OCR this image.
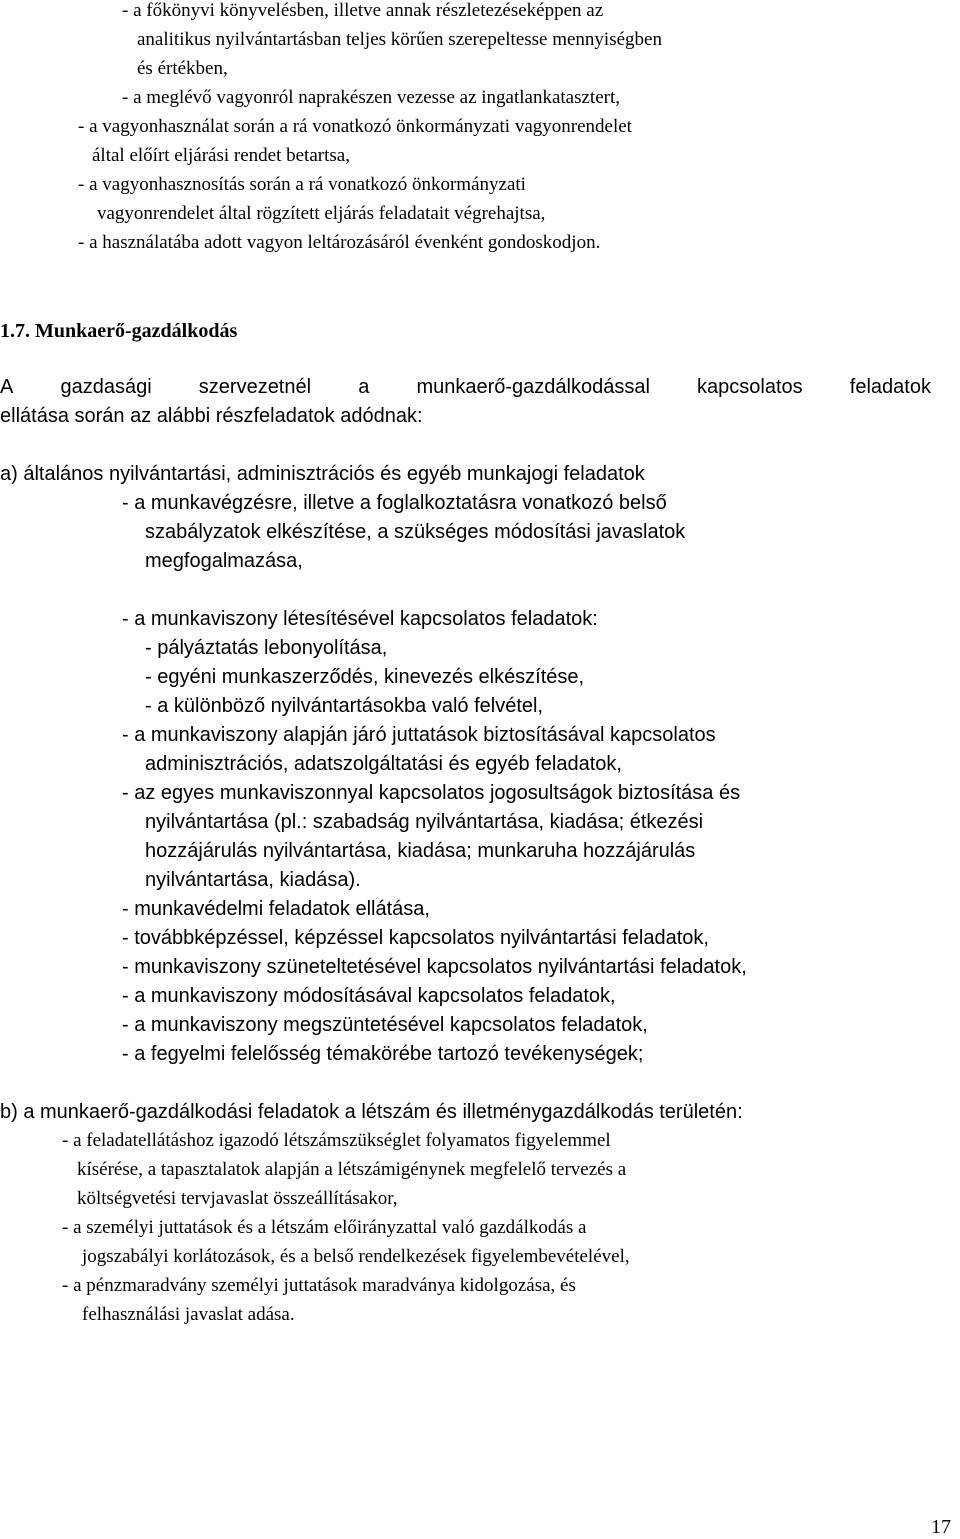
- a főkönyvi könyvelésben, illetve annak részletezéseképpen az

analitikus nyilvántartásban teljes körűen szerepeltesse mennyiségben

és értékben,

- a meglévő vagyonról naprakészen vezesse az ingatlankatasztert,

- a vagyonhasználat során a rá vonatkozó önkormányzati vagyonrendelet

által előírt eljárási rendet betartsa,

- a vagyonhasznosítás során a rá vonatkozó önkormányzati

vagyonrendelet által rögzített eljárás feladatait végrehajtsa,

- a használatába adott vagyon leltározásáról évenként gondoskodjon.

1.7. Munkaerő-gazdálkodás

A gazdasági szervezetnél a munkaerő-gazdálkodással kapcsolatos feladatok

ellátása során az alábbi részfeladatok adódnak:

a) általános nyilvántartási, adminisztrációs és egyéb munkajogi feladatok

- a munkavégzésre, illetve a foglalkoztatásra vonatkozó belső

szabályzatok elkészítése, a szükséges módosítási javaslatok

megfogalmazása,

- a munkaviszony létesítésével kapcsolatos feladatok:

- pályáztatás lebonyolítása,

- egyéni munkaszerződés, kinevezés elkészítése,

- a különböző nyilvántartásokba való felvétel,

- a munkaviszony alapján járó juttatások biztosításával kapcsolatos

adminisztrációs, adatszolgáltatási és egyéb feladatok,

- az egyes munkaviszonnyal kapcsolatos jogosultságok biztosítása és

nyilvántartása (pl.: szabadság nyilvántartása, kiadása; étkezési

hozzájárulás nyilvántartása, kiadása; munkaruha hozzájárulás

nyilvántartása, kiadása).

- munkavédelmi feladatok ellátása,

- továbbképzéssel, képzéssel kapcsolatos nyilvántartási feladatok,

- munkaviszony szüneteltetésével kapcsolatos nyilvántartási feladatok,

- a munkaviszony módosításával kapcsolatos feladatok,

- a munkaviszony megszüntetésével kapcsolatos feladatok,

- a fegyelmi felelősség témakörébe tartozó tevékenységek;

b) a munkaerő-gazdálkodási feladatok a létszám és illetménygazdálkodás területén:

- a feladatellátáshoz igazodó létszámszükséglet folyamatos figyelemmel

kísérése, a tapasztalatok alapján a létszámigénynek megfelelő tervezés a

költségvetési tervjavaslat összeállításakor,

- a személyi juttatások és a létszám előirányzattal való gazdálkodás a

jogszabályi korlátozások, és a belső rendelkezések figyelembevételével,

- a pénzmaradvány személyi juttatások maradványa kidolgozása, és

felhasználási javaslat adása.

17
